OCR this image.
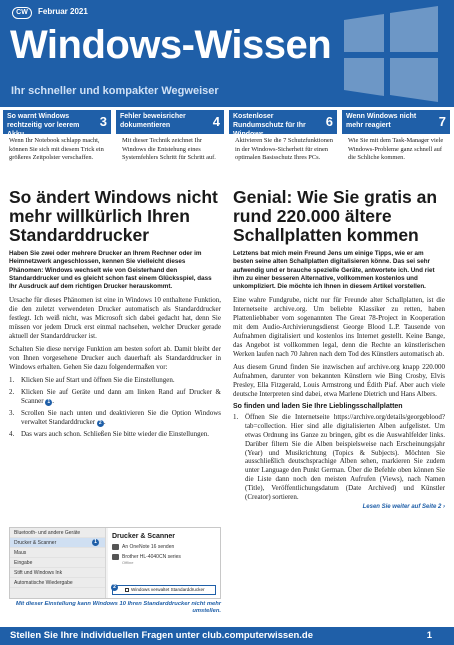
CW	Februar 2021
Windows-Wissen
Ihr schneller und kompakter Wegweiser
So warnt Windows rechtzeitig vor leerem Akku
3
Wenn Ihr Notebook schlapp macht, können Sie sich mit diesem Trick ein größeres Zeitpolster verschaffen.
Fehler beweisricher dokumentieren	4
Mit dieser Technik zeichnet Ihr Windows die Entstehung eines Systemfehlers Schritt für Schritt auf.
Kostenloser Rundumschutz für Ihr Windows
6
Aktivieren Sie die 7 Schutzfunktionen in der Windows-Sicherheit für einen optimalen Basisschutz Ihres PCs.
Wenn Windows nicht mehr reagiert	7
Wie Sie mit dem Task-Manager viele Windows-Probleme ganz schnell auf die Schliche kommen.
So ändert Windows nicht mehr willkürlich Ihren Standarddrucker

Haben Sie zwei oder mehrere Drucker an Ihrem Rechner oder im Heimnetzwerk angeschlossen, kennen Sie vielleicht dieses Phänomen: Windows wechselt wie von Geisterhand den Standarddrucker und es gleicht schon fast einem Glücksspiel, dass Ihr Ausdruck auf dem richtigen Drucker herauskommt.

Ursache für dieses Phänomen ist eine in Windows 10 enthaltene Funktion, die den zuletzt verwendeten Drucker automatisch als Standarddrucker festlegt. Ich weiß nicht, was Microsoft sich dabei gedacht hat, denn Sie müssen vor jedem Druck erst einmal nachsehen, welcher Drucker gerade aktuell der Standarddrucker ist.

Schalten Sie diese nervige Funktion am besten sofort ab. Damit bleibt der von Ihnen vorgesehene Drucker auch dauerhaft als Standarddrucker in Windows erhalten. Gehen Sie dazu folgendermaßen vor:

1. Klicken Sie auf Start und öffnen Sie die Einstellungen.
2. Klicken Sie auf Geräte und dann am linken Rand auf Drucker & Scanner 1 .
3. Scrollen Sie nach unten und deaktivieren Sie die Option Windows verwaltet Standarddrucker 2 .
4. Das wars auch schon. Schließen Sie bitte wieder die Einstellungen.
Bluetooth- und andere Geräte
Drucker & Scanner	1
Maus
Eingabe
Stift und Windows Ink
Automatische Wiedergabe
Drucker & Scanner
An OneNote 16 senden
Brother HL-4040CN series
Offline
2	Windows verwaltet Standarddrucker
Mit dieser Einstellung kann Windows 10 Ihren Standarddrucker nicht mehr umstellen.
Genial: Wie Sie gratis an rund 220.000 ältere Schallplatten kommen

Letztens bat mich mein Freund Jens um einige Tipps, wie er am besten seine alten Schallplatten digitalisieren könne. Das sei sehr aufwendig und er brauche spezielle Geräte, antwortete ich. Und riet ihm zu einer besseren Alternative, vollkommen kostenlos und unkompliziert. Die möchte ich Ihnen in diesem Artikel vorstellen.

Eine wahre Fundgrube, nicht nur für Freunde alter Schallplatten, ist die Internetseite archive.org. Um beliebte Klassiker zu retten, haben Plattenliebhaber vom sogenannten The Great 78-Project in Kooperation mit dem Audio-Archivierungsdienst George Blood L.P. Tausende von Aufnahmen digitalisiert und kostenlos ins Internet gestellt. Keine Bange, das Angebot ist vollkommen legal, denn die Rechte an künstlerischen Werken laufen nach 70 Jahren nach dem Tod des Künstlers automatisch ab.

Aus diesem Grund finden Sie inzwischen auf archive.org knapp 220.000 Aufnahmen, darunter von bekannten Künstlern wie Bing Crosby, Elvis Presley, Ella Fitzgerald, Louis Armstrong und Édith Piaf. Aber auch viele deutsche Interpreten sind dabei, etwa Marlene Dietrich und Hans Albers.

So finden und laden Sie Ihre Lieblingsschallplatten
1. Öffnen Sie die Internetseite https://archive.org/details/georgeblood?tab=collection. Hier sind alle digitalisierten Alben aufgelistet. Um etwas Ordnung ins Ganze zu bringen, gibt es die Auswahlfelder links. Darüber filtern Sie die Alben beispielsweise nach Erscheinungsjahr (Year) und Musikrichtung (Topics & Subjects). Möchten Sie ausschließlich deutschsprachige Alben sehen, markieren Sie zudem unter Language den Punkt German. Über die Befehle oben können Sie die Liste dann noch den meisten Aufrufen (Views), nach Namen (Title), Veröffentlichungsdatum (Date Archived) und Künstler (Creator) sortieren.
Lesen Sie weiter auf Seite 2 ›
Stellen Sie Ihre individuellen Fragen unter club.computerwissen.de	1
